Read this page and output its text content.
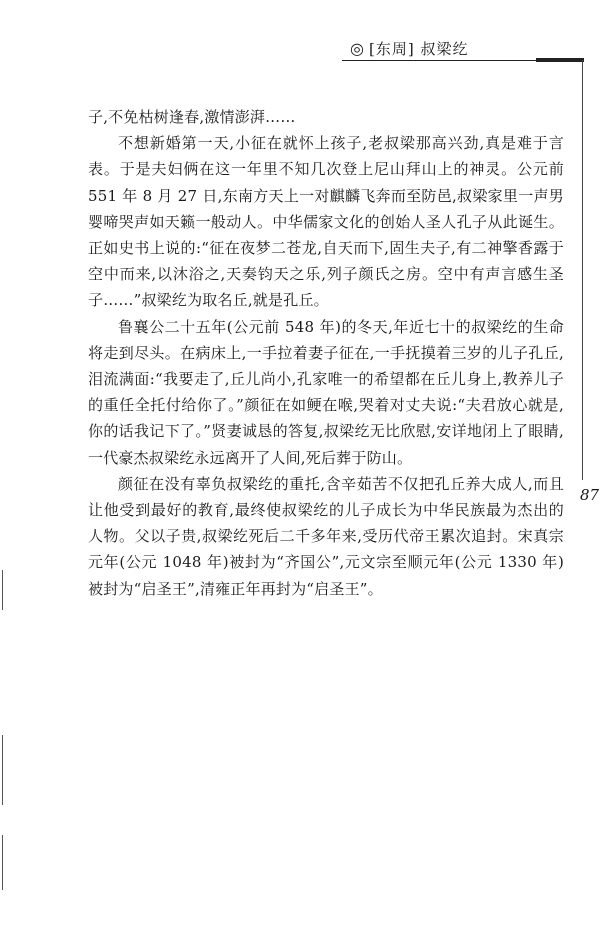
◎ [东周] 叔梁纥
87

子,不免枯树逢春,激情澎湃……

不想新婚第一天,小征在就怀上孩子,老叔梁那高兴劲,真是难于言表。于是夫妇俩在这一年里不知几次登上尼山拜山上的神灵。公元前 551 年 8 月 27 日,东南方天上一对麒麟飞奔而至防邑,叔梁家里一声男婴啼哭声如天籁一般动人。中华儒家文化的创始人圣人孔子从此诞生。正如史书上说的:“征在夜梦二苍龙,自天而下,固生夫子,有二神擎香露于空中而来,以沐浴之,天奏钧天之乐,列子颜氏之房。空中有声言感生圣子……”叔梁纥为取名丘,就是孔丘。

鲁襄公二十五年(公元前 548 年)的冬天,年近七十的叔梁纥的生命将走到尽头。在病床上,一手拉着妻子征在,一手抚摸着三岁的儿子孔丘,泪流满面:“我要走了,丘儿尚小,孔家唯一的希望都在丘儿身上,教养儿子的重任全托付给你了。”颜征在如鲠在喉,哭着对丈夫说:“夫君放心就是,你的话我记下了。”贤妻诚恳的答复,叔梁纥无比欣慰,安详地闭上了眼睛,一代豪杰叔梁纥永远离开了人间,死后葬于防山。

颜征在没有辜负叔梁纥的重托,含辛茹苦不仅把孔丘养大成人,而且让他受到最好的教育,最终使叔梁纥的儿子成长为中华民族最为杰出的人物。父以子贵,叔梁纥死后二千多年来,受历代帝王累次追封。宋真宗元年(公元 1048 年)被封为“齐国公”,元文宗至顺元年(公元 1330 年)被封为“启圣王”,清雍正年再封为“启圣王”。
